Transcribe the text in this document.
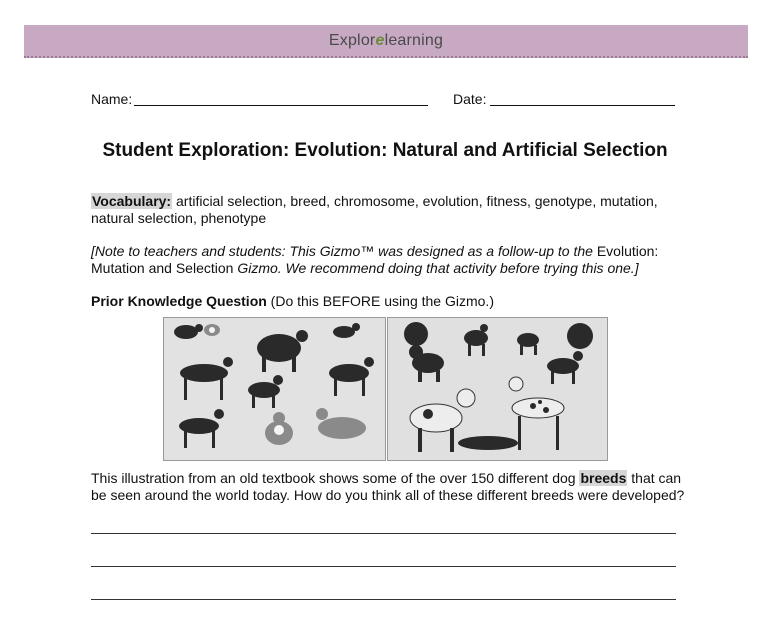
Explorelearning
Name:	Date:
Student Exploration: Evolution: Natural and Artificial Selection
Vocabulary: artificial selection, breed, chromosome, evolution, fitness, genotype, mutation, natural selection, phenotype
[Note to teachers and students: This Gizmo™ was designed as a follow-up to the Evolution: Mutation and Selection Gizmo. We recommend doing that activity before trying this one.]
Prior Knowledge Question (Do this BEFORE using the Gizmo.)
This illustration from an old textbook shows some of the over 150 different dog breeds that can be seen around the world today. How do you think all of these different breeds were developed?
